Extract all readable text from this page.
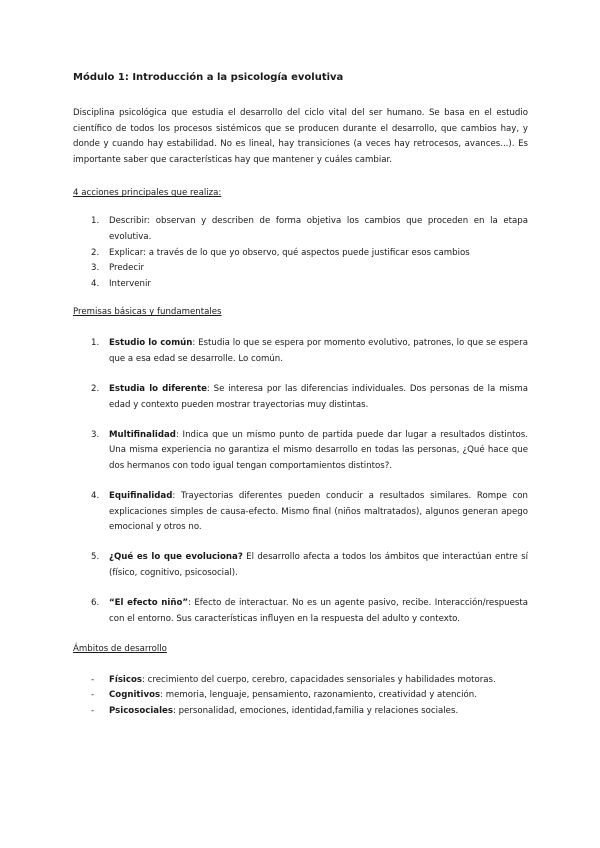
Módulo 1: Introducción a la psicología evolutiva

Disciplina psicológica que estudia el desarrollo del ciclo vital del ser humano. Se basa en el estudio científico de todos los procesos sistémicos que se producen durante el desarrollo, que cambios hay, y donde y cuando hay estabilidad. No es lineal, hay transiciones (a veces hay retrocesos, avances...). Es importante saber que características hay que mantener y cuáles cambiar.

4 acciones principales que realiza:
1. Describir: observan y describen de forma objetiva los cambios que proceden en la etapa evolutiva.
2. Explicar: a través de lo que yo observo, qué aspectos puede justificar esos cambios
3. Predecir
4. Intervenir
Premisas básicas y fundamentales
1. Estudio lo común: Estudia lo que se espera por momento evolutivo, patrones, lo que se espera que a esa edad se desarrolle. Lo común.
2. Estudia lo diferente: Se interesa por las diferencias individuales. Dos personas de la misma edad y contexto pueden mostrar trayectorias muy distintas.
3. Multifinalidad: Indica que un mismo punto de partida puede dar lugar a resultados distintos. Una misma experiencia no garantiza el mismo desarrollo en todas las personas, ¿Qué hace que dos hermanos con todo igual tengan comportamientos distintos?.
4. Equifinalidad: Trayectorias diferentes pueden conducir a resultados similares. Rompe con explicaciones simples de causa-efecto. Mismo final (niños maltratados), algunos generan apego emocional y otros no.
5. ¿Qué es lo que evoluciona? El desarrollo afecta a todos los ámbitos que interactúan entre sí (físico, cognitivo, psicosocial).
6. “El efecto niño”: Efecto de interactuar. No es un agente pasivo, recibe. Interacción/respuesta con el entorno. Sus características influyen en la respuesta del adulto y contexto.
Ámbitos de desarrollo
- Físicos: crecimiento del cuerpo, cerebro, capacidades sensoriales y habilidades motoras.
- Cognitivos: memoria, lenguaje, pensamiento, razonamiento, creatividad y atención.
- Psicosociales: personalidad, emociones, identidad,familia y relaciones sociales.
